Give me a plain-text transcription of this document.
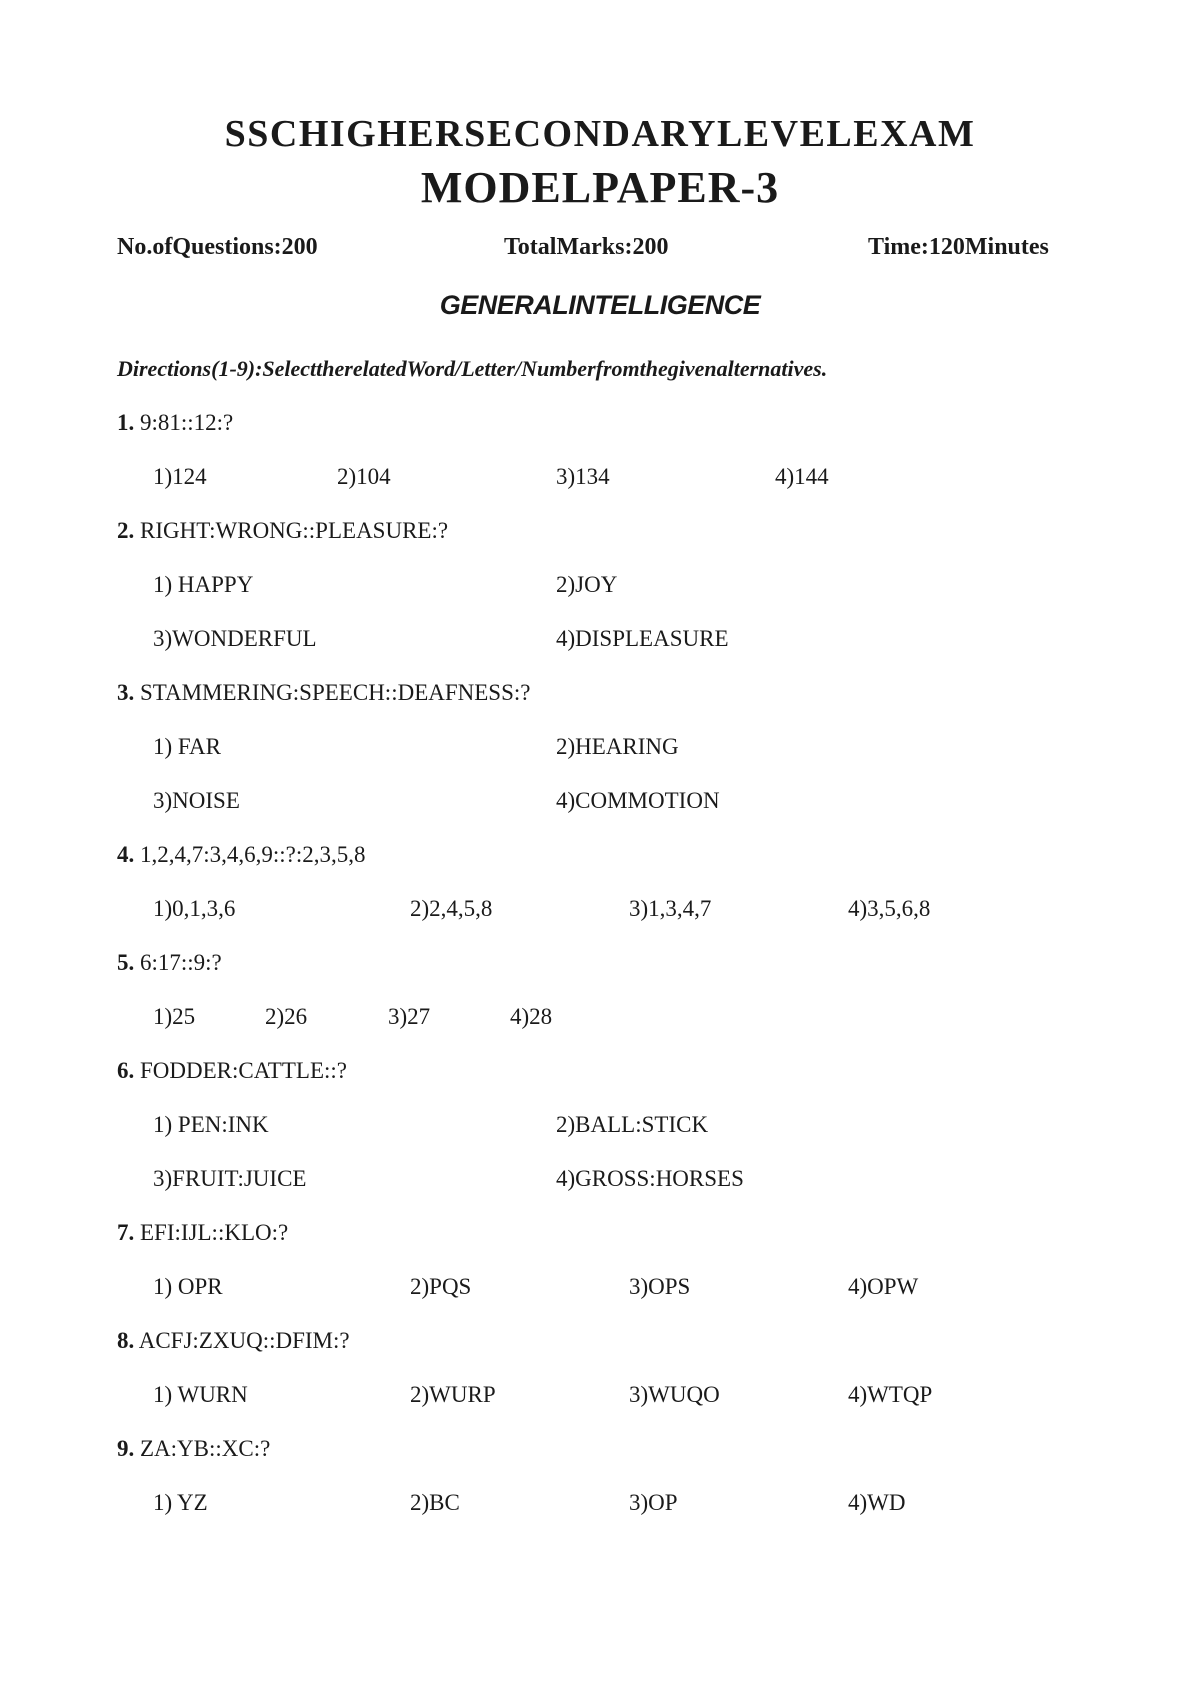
SSCHIGHERSECONDARYLEVELEXAM
MODELPAPER-3
No.ofQuestions:200	TotalMarks:200	Time:120Minutes
GENERALINTELLIGENCE
Directions(1-9):SelecttherelatedWord/Letter/Numberfromthegivenalternatives.
1. 9:81::12:?
1)124	2)104	3)134	4)144
2. RIGHT:WRONG::PLEASURE:?
1) HAPPY	2)JOY
3)WONDERFUL	4)DISPLEASURE
3. STAMMERING:SPEECH::DEAFNESS:?
1) FAR	2)HEARING
3)NOISE	4)COMMOTION
4. 1,2,4,7:3,4,6,9::?:2,3,5,8
1)0,1,3,6	2)2,4,5,8	3)1,3,4,7	4)3,5,6,8
5. 6:17::9:?
1)25	2)26	3)27	4)28
6. FODDER:CATTLE::?
1) PEN:INK	2)BALL:STICK
3)FRUIT:JUICE	4)GROSS:HORSES
7. EFI:IJL::KLO:?
1) OPR	2)PQS	3)OPS	4)OPW
8. ACFJ:ZXUQ::DFIM:?
1) WURN	2)WURP	3)WUQO	4)WTQP
9. ZA:YB::XC:?
1) YZ	2)BC	3)OP	4)WD
